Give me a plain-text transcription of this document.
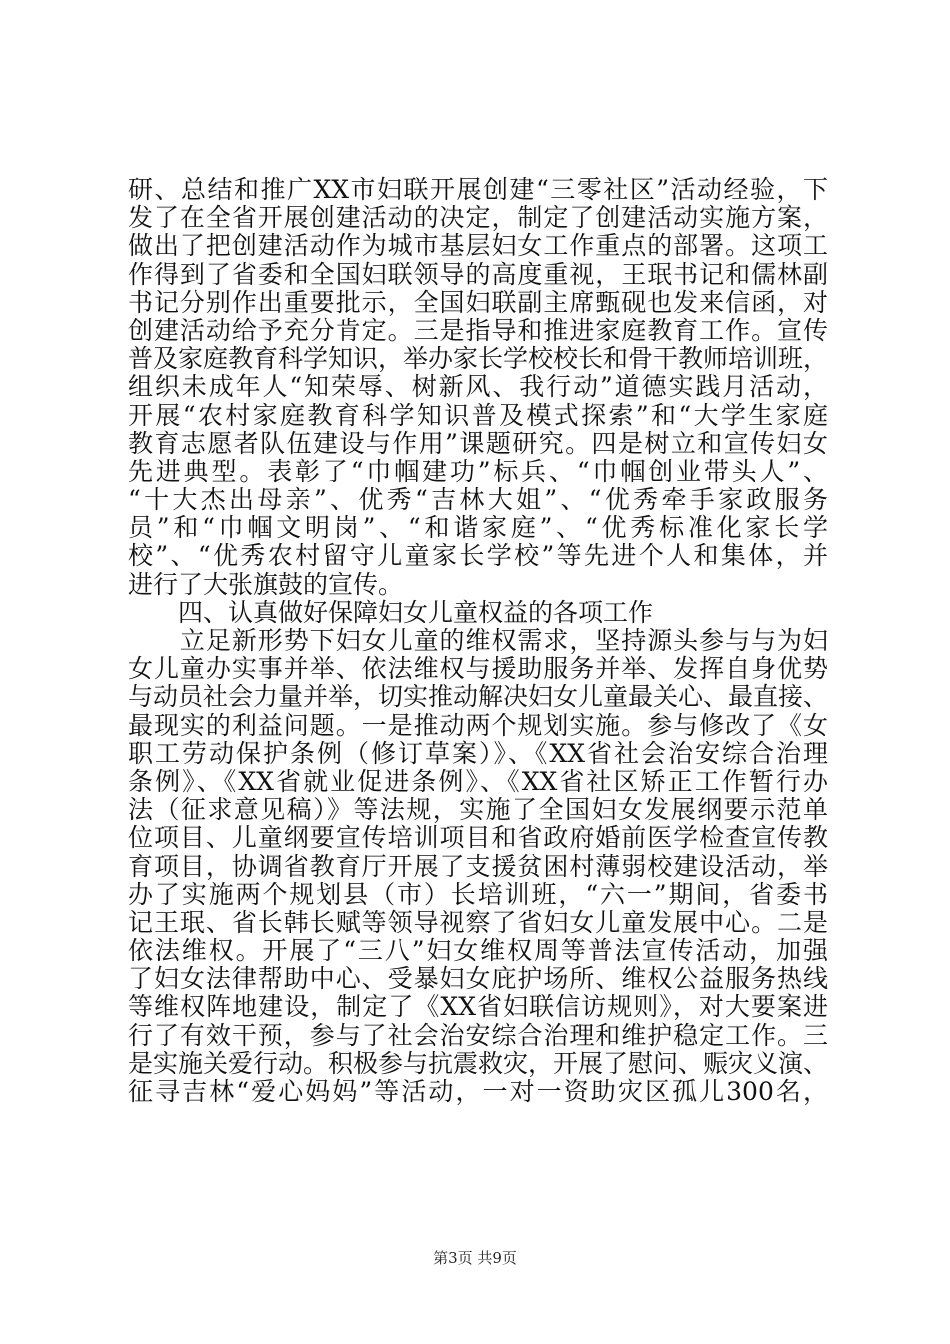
研、总结和推广XX市妇联开展创建“三零社区”活动经验，下
发了在全省开展创建活动的决定，制定了创建活动实施方案，
做出了把创建活动作为城市基层妇女工作重点的部署。这项工
作得到了省委和全国妇联领导的高度重视，王珉书记和儒林副
书记分别作出重要批示，全国妇联副主席甄砚也发来信函，对
创建活动给予充分肯定。三是指导和推进家庭教育工作。宣传
普及家庭教育科学知识，举办家长学校校长和骨干教师培训班，
组织未成年人“知荣辱、树新风、我行动”道德实践月活动，
开展“农村家庭教育科学知识普及模式探索”和“大学生家庭
教育志愿者队伍建设与作用”课题研究。四是树立和宣传妇女
先进典型。表彰了“巾帼建功”标兵、“巾帼创业带头人”、
“十大杰出母亲”、优秀“吉林大姐”、“优秀牵手家政服务
员”和“巾帼文明岗”、“和谐家庭”、“优秀标准化家长学
校”、“优秀农村留守儿童家长学校”等先进个人和集体，并
进行了大张旗鼓的宣传。
　　四、认真做好保障妇女儿童权益的各项工作
　　立足新形势下妇女儿童的维权需求，坚持源头参与与为妇
女儿童办实事并举、依法维权与援助服务并举、发挥自身优势
与动员社会力量并举，切实推动解决妇女儿童最关心、最直接、
最现实的利益问题。一是推动两个规划实施。参与修改了《女
职工劳动保护条例（修订草案）》、《XX省社会治安综合治理
条例》、《XX省就业促进条例》、《XX省社区矫正工作暂行办
法（征求意见稿）》等法规，实施了全国妇女发展纲要示范单
位项目、儿童纲要宣传培训项目和省政府婚前医学检查宣传教
育项目，协调省教育厅开展了支援贫困村薄弱校建设活动，举
办了实施两个规划县（市）长培训班，“六一”期间，省委书
记王珉、省长韩长赋等领导视察了省妇女儿童发展中心。二是
依法维权。开展了“三八”妇女维权周等普法宣传活动，加强
了妇女法律帮助中心、受暴妇女庇护场所、维权公益服务热线
等维权阵地建设，制定了《XX省妇联信访规则》，对大要案进
行了有效干预，参与了社会治安综合治理和维护稳定工作。三
是实施关爱行动。积极参与抗震救灾，开展了慰问、赈灾义演、
征寻吉林“爱心妈妈”等活动，一对一资助灾区孤儿300名，
第3页 共9页
